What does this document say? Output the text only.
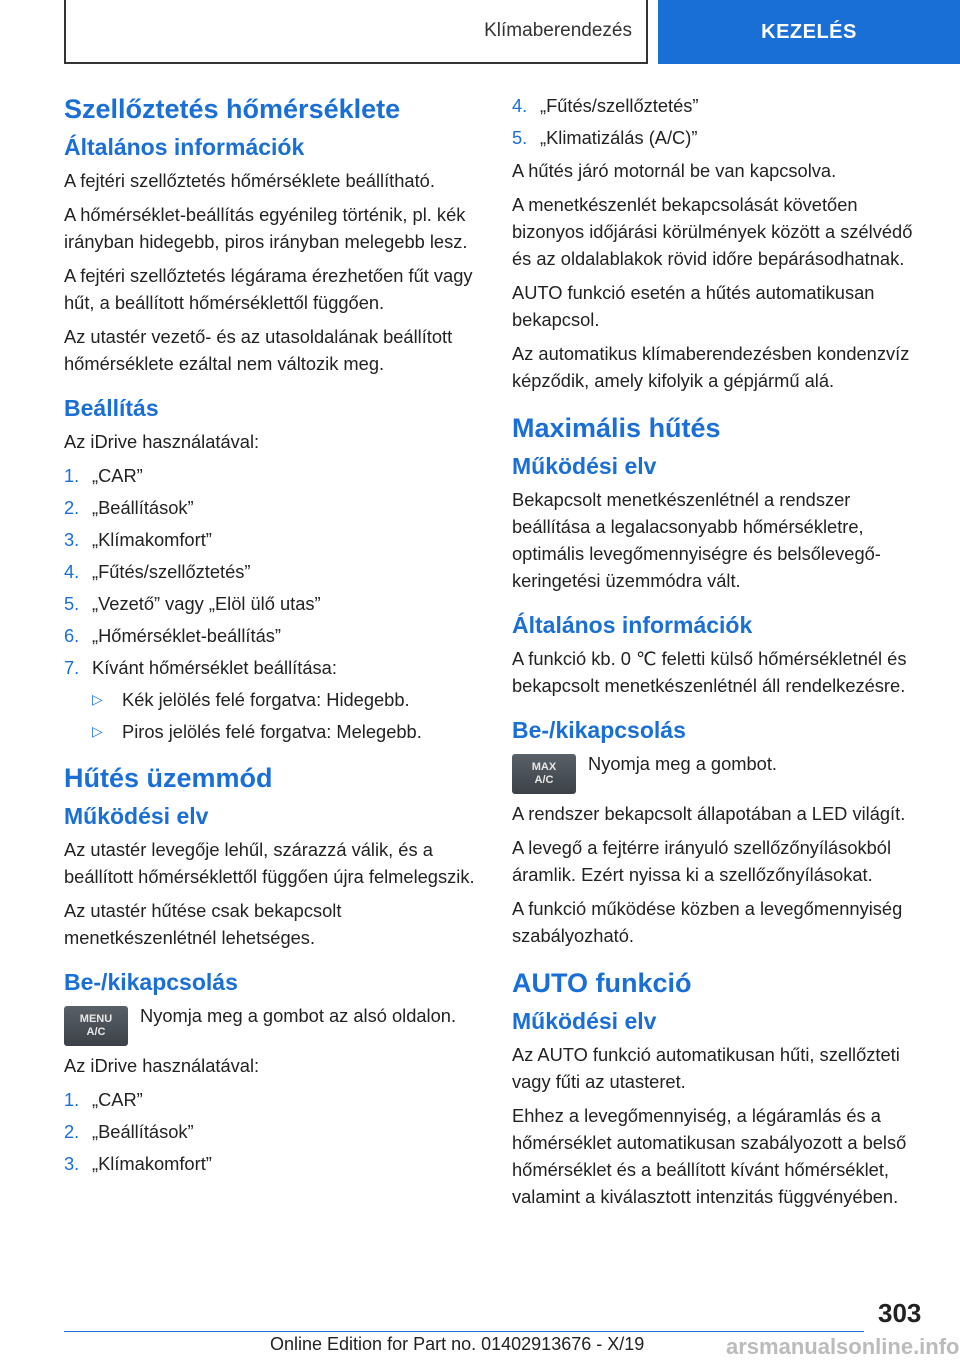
Klímaberendezés	KEZELÉS
Szellőztetés hőmérséklete
Általános információk
A fejtéri szellőztetés hőmérséklete beállítható.
A hőmérséklet-beállítás egyénileg történik, pl. kék irányban hidegebb, piros irányban melegebb lesz.
A fejtéri szellőztetés légárama érezhetően fűt vagy hűt, a beállított hőmérséklettől függően.
Az utastér vezető- és az utasoldalának beállított hőmérséklete ezáltal nem változik meg.
Beállítás
Az iDrive használatával:
1. „CAR”
2. „Beállítások”
3. „Klímakomfort”
4. „Fűtés/szellőztetés”
5. „Vezető” vagy „Elöl ülő utas”
6. „Hőmérséklet-beállítás”
7. Kívánt hőmérséklet beállítása:
▷	Kék jelölés felé forgatva: Hidegebb.
▷	Piros jelölés felé forgatva: Melegebb.
Hűtés üzemmód
Működési elv
Az utastér levegője lehűl, szárazzá válik, és a beállított hőmérséklettől függően újra felmelegszik.
Az utastér hűtése csak bekapcsolt menetkészenlétnél lehetséges.
Be-/kikapcsolás
MENU
A/C
Nyomja meg a gombot az alsó oldalon.
Az iDrive használatával:
1. „CAR”
2. „Beállítások”
3. „Klímakomfort”
4. „Fűtés/szellőztetés”
5. „Klimatizálás (A/C)”
A hűtés járó motornál be van kapcsolva.
A menetkészenlét bekapcsolását követően bizonyos időjárási körülmények között a szélvédő és az oldalablakok rövid időre bepárásodhatnak.
AUTO funkció esetén a hűtés automatikusan bekapcsol.
Az automatikus klímaberendezésben kondenzvíz képződik, amely kifolyik a gépjármű alá.
Maximális hűtés
Működési elv
Bekapcsolt menetkészenlétnél a rendszer beállítása a legalacsonyabb hőmérsékletre, optimális levegőmennyiségre és belsőlevegő-keringetési üzemmódra vált.
Általános információk
A funkció kb. 0 ℃ feletti külső hőmérsékletnél és bekapcsolt menetkészenlétnél áll rendelkezésre.
Be-/kikapcsolás
MAX
A/C
Nyomja meg a gombot.
A rendszer bekapcsolt állapotában a LED világít.
A levegő a fejtérre irányuló szellőzőnyílásokból áramlik. Ezért nyissa ki a szellőzőnyílásokat.
A funkció működése közben a levegőmennyiség szabályozható.
AUTO funkció
Működési elv
Az AUTO funkció automatikusan hűti, szellőzteti vagy fűti az utasteret.
Ehhez a levegőmennyiség, a légáramlás és a hőmérséklet automatikusan szabályozott a belső hőmérséklet és a beállított kívánt hőmérséklet, valamint a kiválasztott intenzitás függvényében.
303
Online Edition for Part no. 01402913676 - X/19	arsmanualsonline.info
